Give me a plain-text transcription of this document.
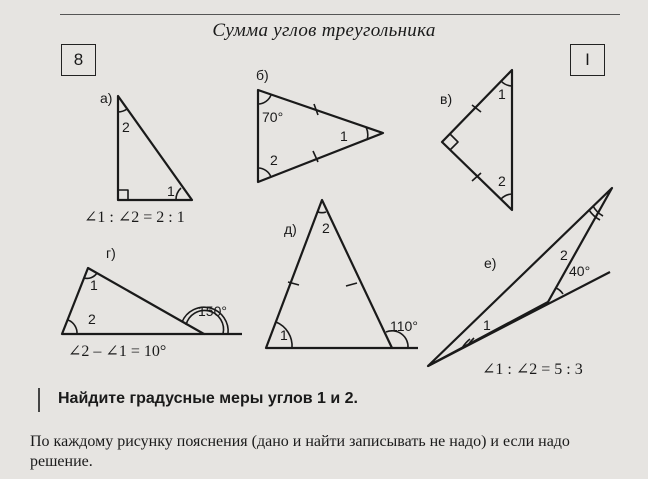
Сумма углов треугольника
8	I
а)
2
1
∠1 : ∠2 = 2 : 1
б)
70°
2
1
в)	1
2
г)
1
2	150°
∠2 – ∠1 = 10°
д) 2
1
110°
е)
1
2
40°
∠1 : ∠2 = 5 : 3
Найдите градусные меры углов 1 и 2.
По каждому рисунку пояснения (дано и найти записывать не надо) и если надо решение.
